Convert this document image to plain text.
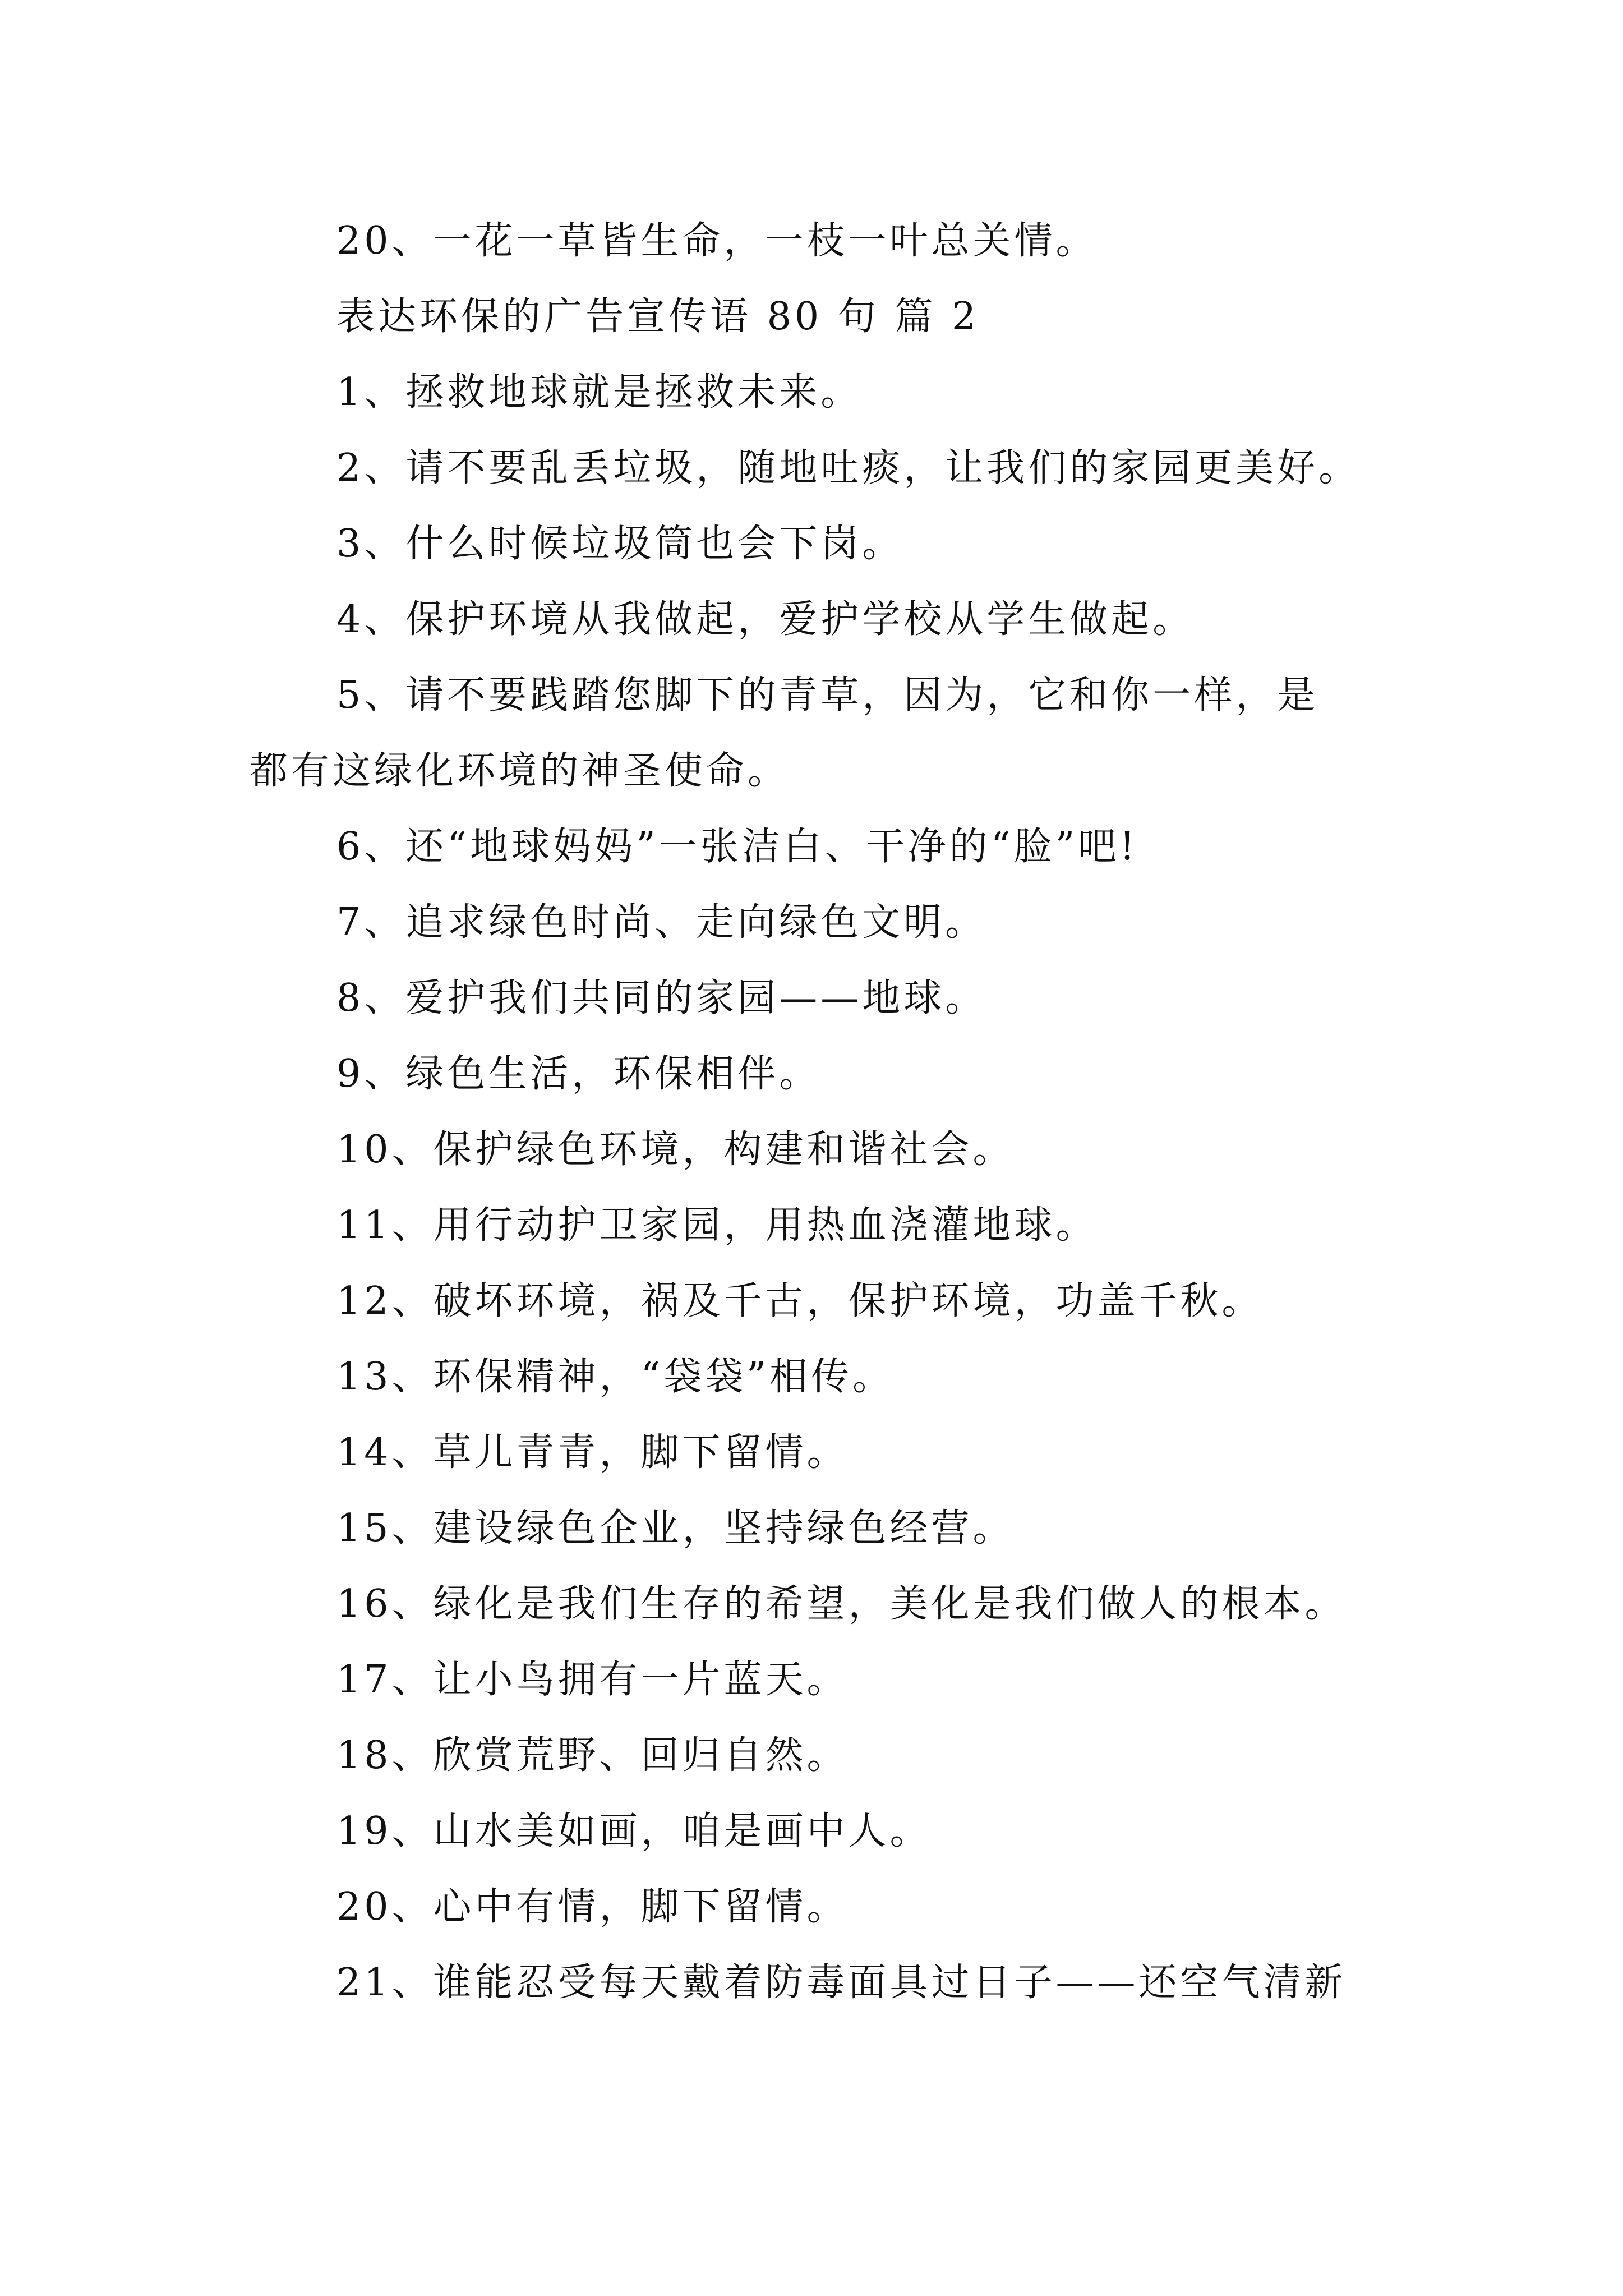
20、一花一草皆生命，一枝一叶总关情。
表达环保的广告宣传语 80 句 篇 2
1、拯救地球就是拯救未来。
2、请不要乱丢垃圾，随地吐痰，让我们的家园更美好。
3、什么时候垃圾筒也会下岗。
4、保护环境从我做起，爱护学校从学生做起。
5、请不要践踏您脚下的青草，因为，它和你一样，是
都有这绿化环境的神圣使命。
6、还“地球妈妈”一张洁白、干净的“脸”吧!
7、追求绿色时尚、走向绿色文明。
8、爱护我们共同的家园——地球。
9、绿色生活，环保相伴。
10、保护绿色环境，构建和谐社会。
11、用行动护卫家园，用热血浇灌地球。
12、破坏环境，祸及千古，保护环境，功盖千秋。
13、环保精神，“袋袋”相传。
14、草儿青青，脚下留情。
15、建设绿色企业，坚持绿色经营。
16、绿化是我们生存的希望，美化是我们做人的根本。
17、让小鸟拥有一片蓝天。
18、欣赏荒野、回归自然。
19、山水美如画，咱是画中人。
20、心中有情，脚下留情。
21、谁能忍受每天戴着防毒面具过日子——还空气清新
